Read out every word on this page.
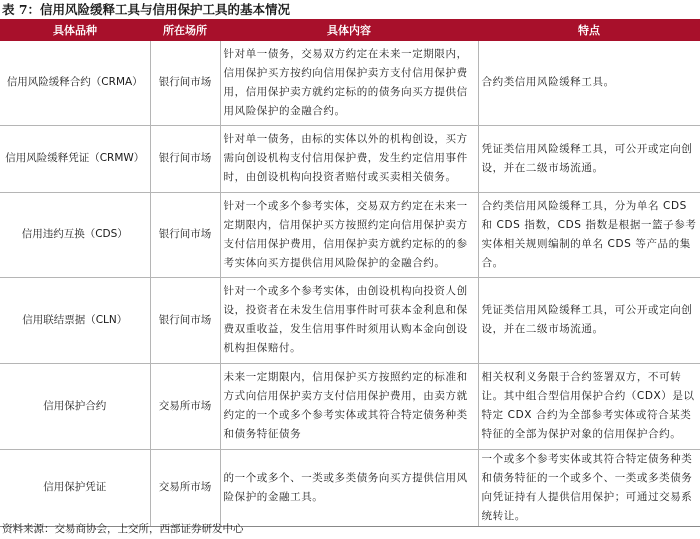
表 7：信用风险缓释工具与信用保护工具的基本情况
具体品种	所在场所	具体内容	特点
信用风险缓释合约（CRMA）	银行间市场	针对单一债务，交易双方约定在未来一定期限内，信用保护买方按约向信用保护卖方支付信用保护费用，信用保护卖方就约定标的的债务向买方提供信用风险保护的金融合约。	合约类信用风险缓释工具。
信用风险缓释凭证（CRMW）	银行间市场	针对单一债务，由标的实体以外的机构创设，买方需向创设机构支付信用保护费，发生约定信用事件时，由创设机构向投资者赔付或买卖相关债务。	凭证类信用风险缓释工具，可公开或定向创设，并在二级市场流通。
信用违约互换（CDS）	银行间市场	针对一个或多个参考实体，交易双方约定在未来一定期限内，信用保护买方按照约定向信用保护卖方支付信用保护费用，信用保护卖方就约定标的的参考实体向买方提供信用风险保护的金融合约。	合约类信用风险缓释工具，分为单名 CDS 和 CDS 指数，CDS 指数是根据一篮子参考实体相关规则编制的单名 CDS 等产品的集合。
信用联结票据（CLN）	银行间市场	针对一个或多个参考实体，由创设机构向投资人创设，投资者在未发生信用事件时可获本金利息和保费双重收益，发生信用事件时须用认购本金向创设机构担保赔付。	凭证类信用风险缓释工具，可公开或定向创设，并在二级市场流通。
信用保护合约	交易所市场	未来一定期限内，信用保护买方按照约定的标准和方式向信用保护卖方支付信用保护费用，由卖方就约定的一个或多个参考实体或其符合特定债务种类和债务特征债务	相关权利义务限于合约签署双方，不可转让。其中组合型信用保护合约（CDX）是以特定 CDX 合约为全部参考实体或符合某类特征的全部为保护对象的信用保护合约。
信用保护凭证	交易所市场	的一个或多个、一类或多类债务向买方提供信用风险保护的金融工具。	一个或多个参考实体或其符合特定债务种类和债务特征的一个或多个、一类或多类债务向凭证持有人提供信用保护；可通过交易系统转让。
资料来源：交易商协会，上交所，西部证券研发中心
